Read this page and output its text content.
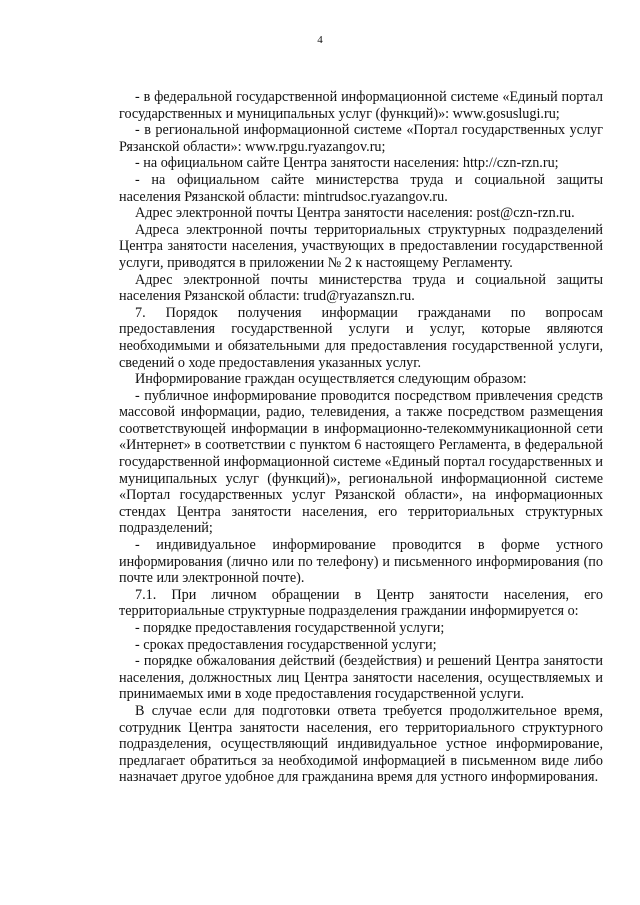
4

- в федеральной государственной информационной системе «Единый портал государственных и муниципальных услуг (функций)»: www.gosuslugi.ru;

- в региональной информационной системе «Портал государственных услуг Рязанской области»: www.rpgu.ryazangov.ru;

- на официальном сайте Центра занятости населения: http://czn-rzn.ru;

- на официальном сайте министерства труда и социальной защиты населения Рязанской области: mintrudsoc.ryazangov.ru.

Адрес электронной почты Центра занятости населения: post@czn-rzn.ru.

Адреса электронной почты территориальных структурных подразделений Центра занятости населения, участвующих в предоставлении государственной услуги, приводятся в приложении № 2 к настоящему Регламенту.

Адрес электронной почты министерства труда и социальной защиты населения Рязанской области: trud@ryazanszn.ru.

7. Порядок получения информации гражданами по вопросам предоставления государственной услуги и услуг, которые являются необходимыми и обязательными для предоставления государственной услуги, сведений о ходе предоставления указанных услуг.

Информирование граждан осуществляется следующим образом:

- публичное информирование проводится посредством привлечения средств массовой информации, радио, телевидения, а также посредством размещения соответствующей информации в информационно-телекоммуникационной сети «Интернет» в соответствии с пунктом 6 настоящего Регламента, в федеральной государственной информационной системе «Единый портал государственных и муниципальных услуг (функций)», региональной информационной системе «Портал государственных услуг Рязанской области», на информационных стендах Центра занятости населения, его территориальных структурных подразделений;

- индивидуальное информирование проводится в форме устного информирования (лично или по телефону) и письменного информирования (по почте или электронной почте).

7.1. При личном обращении в Центр занятости населения, его территориальные структурные подразделения граждании информируется о:

- порядке предоставления государственной услуги;

- сроках предоставления государственной услуги;

- порядке обжалования действий (бездействия) и решений Центра занятости населения, должностных лиц Центра занятости населения, осуществляемых и принимаемых ими в ходе предоставления государственной услуги.

В случае если для подготовки ответа требуется продолжительное время, сотрудник Центра занятости населения, его территориального структурного подразделения, осуществляющий индивидуальное устное информирование, предлагает обратиться за необходимой информацией в письменном виде либо назначает другое удобное для гражданина время для устного информирования.
